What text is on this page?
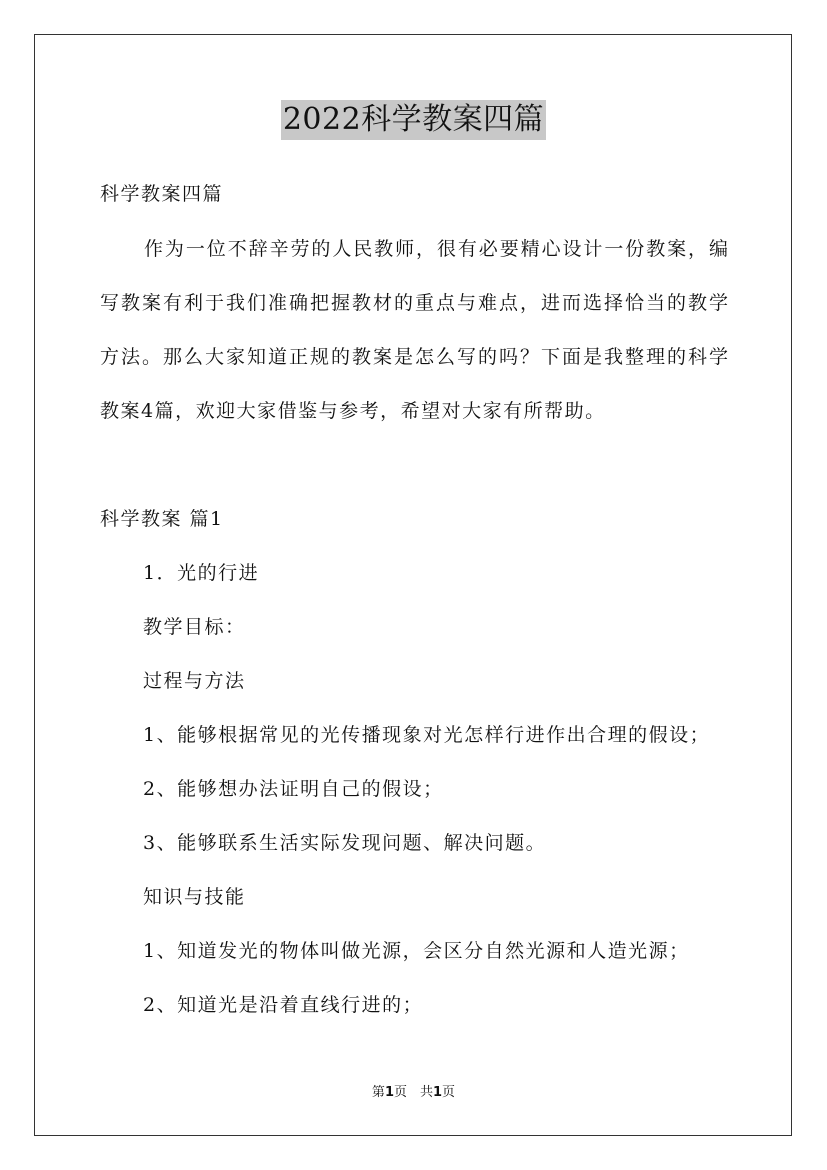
2022科学教案四篇
科学教案四篇
作为一位不辞辛劳的人民教师，很有必要精心设计一份教案，编
写教案有利于我们准确把握教材的重点与难点，进而选择恰当的教学
方法。那么大家知道正规的教案是怎么写的吗？下面是我整理的科学
教案4篇，欢迎大家借鉴与参考，希望对大家有所帮助。
科学教案 篇1
1．光的行进
教学目标：
过程与方法
1、能够根据常见的光传播现象对光怎样行进作出合理的假设；
2、能够想办法证明自己的假设；
3、能够联系生活实际发现问题、解决问题。
知识与技能
1、知道发光的物体叫做光源，会区分自然光源和人造光源；
2、知道光是沿着直线行进的；
第1页　共1页
